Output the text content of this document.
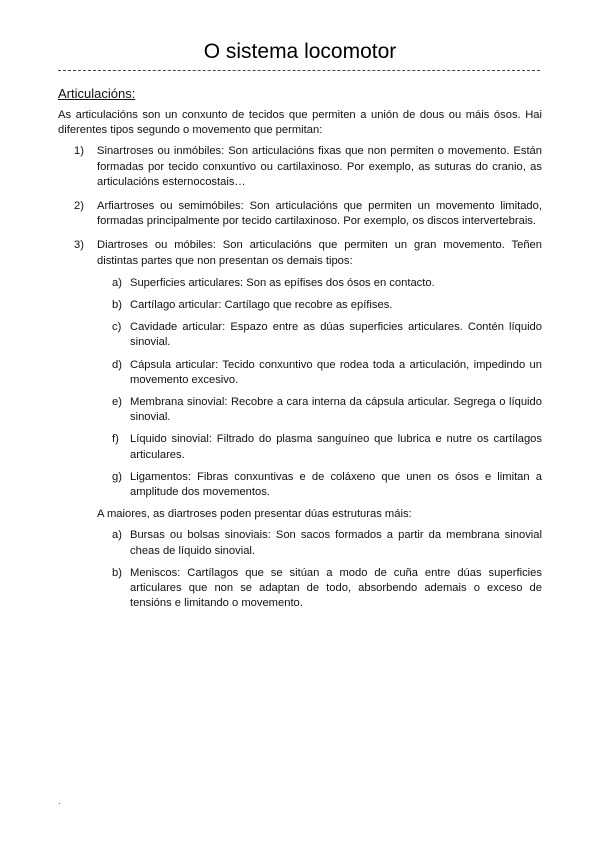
O sistema locomotor
Articulacións:

As articulacións son un conxunto de tecidos que permiten a unión de dous ou máis ósos. Hai diferentes tipos segundo o movemento que permitan:

1) Sinartroses ou inmóbiles: Son articulacións fixas que non permiten o movemento. Están formadas por tecido conxuntivo ou cartilaxinoso. Por exemplo, as suturas do cranio, as articulacións esternocostais…
2) Arfiartroses ou semimóbiles: Son articulacións que permiten un movemento limitado, formadas principalmente por tecido cartilaxinoso. Por exemplo, os discos intervertebrais.
3) Diartroses ou móbiles: Son articulacións que permiten un gran movemento. Teñen distintas partes que non presentan os demais tipos:
a) Superficies articulares: Son as epífises dos ósos en contacto.
b) Cartílago articular: Cartílago que recobre as epífises.
c) Cavidade articular: Espazo entre as dúas superficies articulares. Contén líquido sinovial.
d) Cápsula articular: Tecido conxuntivo que rodea toda a articulación, impedindo un movemento excesivo.
e) Membrana sinovial: Recobre a cara interna da cápsula articular. Segrega o líquido sinovial.
f) Líquido sinovial: Filtrado do plasma sanguíneo que lubrica e nutre os cartílagos articulares.
g) Ligamentos: Fibras conxuntivas e de coláxeno que unen os ósos e limitan a amplitude dos movementos.

A maiores, as diartroses poden presentar dúas estruturas máis:

a) Bursas ou bolsas sinoviais: Son sacos formados a partir da membrana sinovial cheas de líquido sinovial.
b) Meniscos: Cartílagos que se sitúan a modo de cuña entre dúas superficies articulares que non se adaptan de todo, absorbendo ademais o exceso de tensións e limitando o movemento.
.
